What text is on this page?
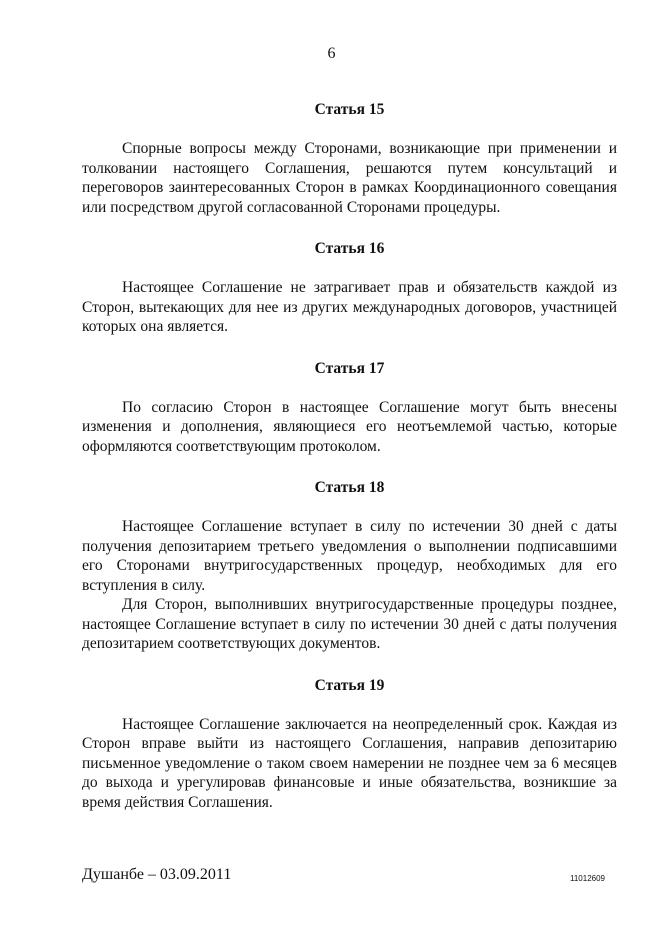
6
Статья 15

Спорные вопросы между Сторонами, возникающие при применении и толковании настоящего Соглашения, решаются путем консультаций и переговоров заинтересованных Сторон в рамках Координационного совещания или посредством другой согласованной Сторонами процедуры.

Статья 16

Настоящее Соглашение не затрагивает прав и обязательств каждой из Сторон, вытекающих для нее из других международных договоров, участницей которых она является.

Статья 17

По согласию Сторон в настоящее Соглашение могут быть внесены изменения и дополнения, являющиеся его неотъемлемой частью, которые оформляются соответствующим протоколом.

Статья 18

Настоящее Соглашение вступает в силу по истечении 30 дней с даты получения депозитарием третьего уведомления о выполнении подписавшими его Сторонами внутригосударственных процедур, необходимых для его вступления в силу.

Для Сторон, выполнивших внутригосударственные процедуры позднее, настоящее Соглашение вступает в силу по истечении 30 дней с даты получения депозитарием соответствующих документов.

Статья 19

Настоящее Соглашение заключается на неопределенный срок. Каждая из Сторон вправе выйти из настоящего Соглашения, направив депозитарию письменное уведомление о таком своем намерении не позднее чем за 6 месяцев до выхода и урегулировав финансовые и иные обязательства, возникшие за время действия Соглашения.

Душанбе – 03.09.2011	11012609
